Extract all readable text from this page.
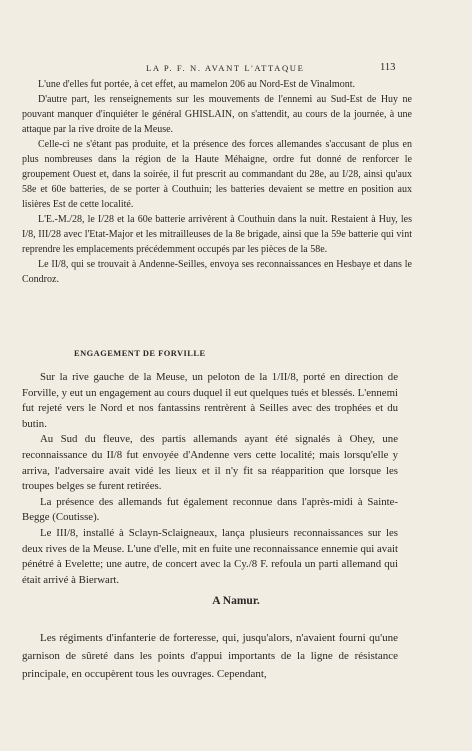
LA P. F. N. AVANT L'ATTAQUE	113

L'une d'elles fut portée, à cet effet, au mamelon 206 au Nord-Est de Vinalmont.

D'autre part, les renseignements sur les mouvements de l'ennemi au Sud-Est de Huy ne pouvant manquer d'inquiéter le général GHISLAIN, on s'attendit, au cours de la journée, à une attaque par la rive droite de la Meuse.

Celle-ci ne s'étant pas produite, et la présence des forces allemandes s'accusant de plus en plus nombreuses dans la région de la Haute Méhaigne, ordre fut donné de renforcer le groupement Ouest et, dans la soirée, il fut prescrit au commandant du 28e, au I/28, ainsi qu'aux 58e et 60e batteries, de se porter à Couthuin; les batteries devaient se mettre en position aux lisières Est de cette localité.

L'E.-M./28, le I/28 et la 60e batterie arrivèrent à Couthuin dans la nuit. Restaient à Huy, les I/8, III/28 avec l'Etat-Major et les mitrailleuses de la 8e brigade, ainsi que la 59e batterie qui vint reprendre les emplacements précédemment occupés par les pièces de la 58e.

Le II/8, qui se trouvait à Andenne-Seilles, envoya ses reconnaissances en Hesbaye et dans le Condroz.

ENGAGEMENT DE FORVILLE

Sur la rive gauche de la Meuse, un peloton de la 1/II/8, porté en direction de Forville, y eut un engagement au cours duquel il eut quelques tués et blessés. L'ennemi fut rejeté vers le Nord et nos fantassins rentrèrent à Seilles avec des trophées et du butin.

Au Sud du fleuve, des partis allemands ayant été signalés à Ohey, une reconnaissance du II/8 fut envoyée d'Andenne vers cette localité; mais lorsqu'elle y arriva, l'adversaire avait vidé les lieux et il n'y fit sa réapparition que lorsque les troupes belges se furent retirées.

La présence des allemands fut également reconnue dans l'après-midi à Sainte-Begge (Coutisse).

Le III/8, installé à Sclayn-Sclaigneaux, lança plusieurs reconnaissances sur les deux rives de la Meuse. L'une d'elle, mit en fuite une reconnaissance ennemie qui avait pénétré à Evelette; une autre, de concert avec la Cy./8 F. refoula un parti allemand qui était arrivé à Bierwart.

A Namur.

Les régiments d'infanterie de forteresse, qui, jusqu'alors, n'avaient fourni qu'une garnison de sûreté dans les points d'appui importants de la ligne de résistance principale, en occupèrent tous les ouvrages. Cependant,
